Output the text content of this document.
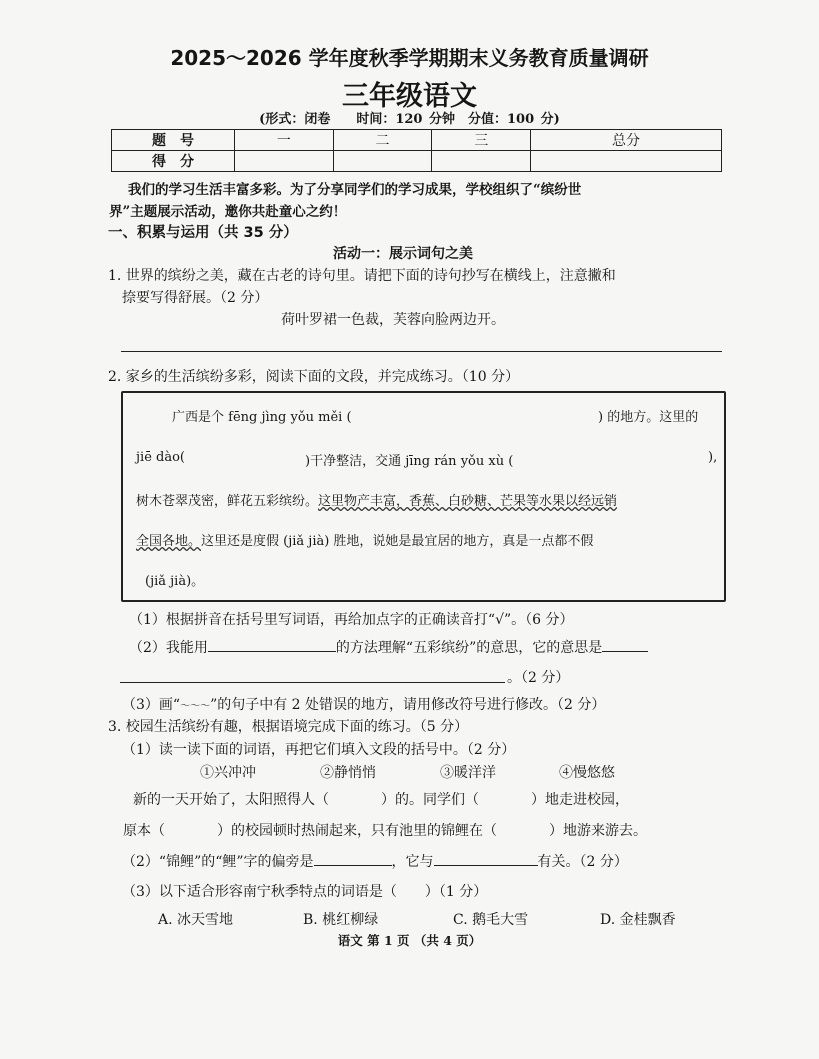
2025～2026 学年度秋季学期期末义务教育质量调研
三年级语文
(形式：闭卷　　时间：120 分钟　分值：100 分)
题　号	一	二	三	总分
得　分				
我们的学习生活丰富多彩。为了分享同学们的学习成果，学校组织了“缤纷世
界”主题展示活动，邀你共赴童心之约！
一、积累与运用（共 35 分）
活动一：展示词句之美
1. 世界的缤纷之美，藏在古老的诗句里。请把下面的诗句抄写在横线上，注意撇和
捺要写得舒展。（2 分）
荷叶罗裙一色裁，芙蓉向脸两边开。
2. 家乡的生活缤纷多彩，阅读下面的文段，并完成练习。（10 分）
广西是个 fēng jìng yǒu měi (	) 的地方。这里的
jiē dào(	)干净整洁，交通 jīng rán yǒu xù (	),
树木苍翠茂密，鲜花五彩缤纷。这里物产丰富，香蕉、白砂糖、芒果等水果以经远销
全国各地。这里还是度假 (jiǎ jià) 胜地，说她是最宜居的地方，真是一点都不假
(jiǎ jià)。
（1）根据拼音在括号里写词语，再给加点字的正确读音打“√”。（6 分）
（2）我能用	的方法理解“五彩缤纷”的意思，它的意思是
。（2 分）
（3）画“～～～”的句子中有 2 处错误的地方，请用修改符号进行修改。（2 分）
3. 校园生活缤纷有趣，根据语境完成下面的练习。（5 分）
（1）读一读下面的词语，再把它们填入文段的括号中。（2 分）
①兴冲冲	②静悄悄	③暖洋洋	④慢悠悠
新的一天开始了，太阳照得人（	）的。同学们（	）地走进校园，
原本（	）的校园顿时热闹起来，只有池里的锦鲤在（	）地游来游去。
（2）“锦鲤”的“鲤”字的偏旁是	，它与	有关。（2 分）
（3）以下适合形容南宁秋季特点的词语是（　　）（1 分）
A. 冰天雪地	B. 桃红柳绿	C. 鹅毛大雪	D. 金桂飘香
语文 第 1 页 （共 4 页）
